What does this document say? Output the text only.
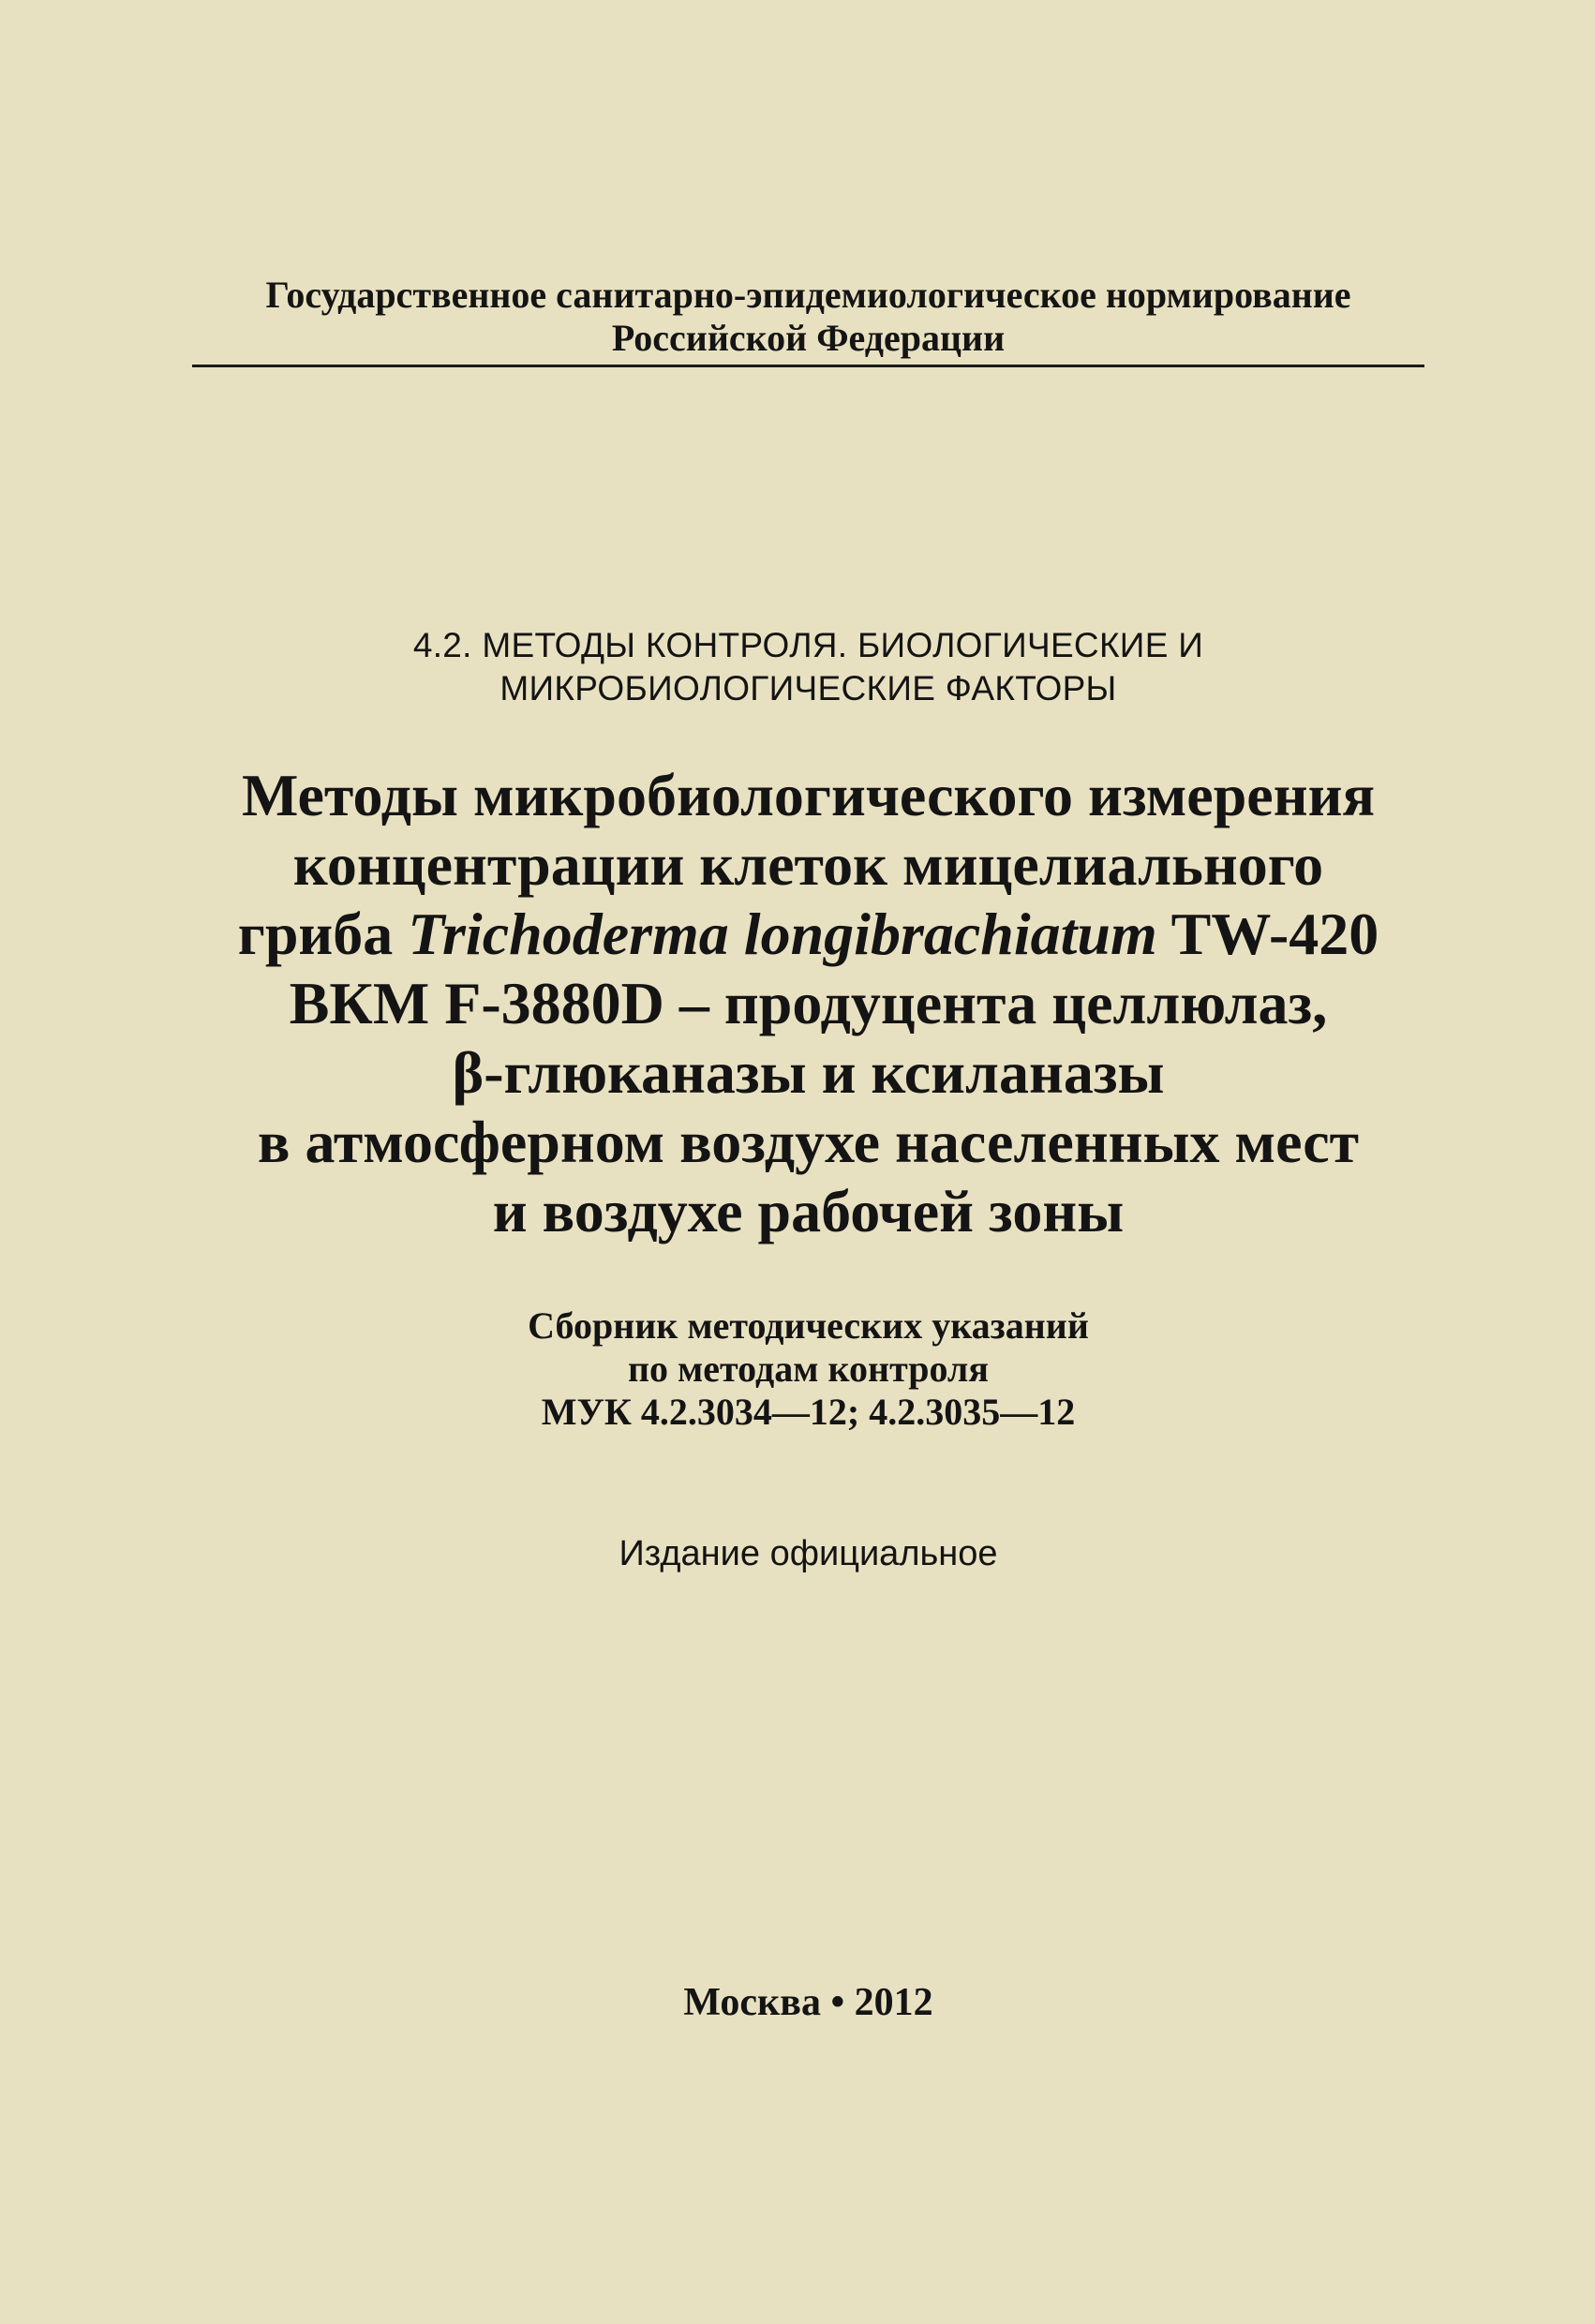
Государственное санитарно-эпидемиологическое нормирование
Российской Федерации
4.2. МЕТОДЫ КОНТРОЛЯ. БИОЛОГИЧЕСКИЕ И
МИКРОБИОЛОГИЧЕСКИЕ ФАКТОРЫ
Методы микробиологического измерения
концентрации клеток мицелиального
гриба Trichoderma longibrachiatum TW-420
ВКМ F-3880D – продуцента целлюлаз,
β-глюканазы и ксиланазы
в атмосферном воздухе населенных мест
и воздухе рабочей зоны
Сборник методических указаний
по методам контроля
МУК 4.2.3034—12; 4.2.3035—12
Издание официальное
Москва • 2012
